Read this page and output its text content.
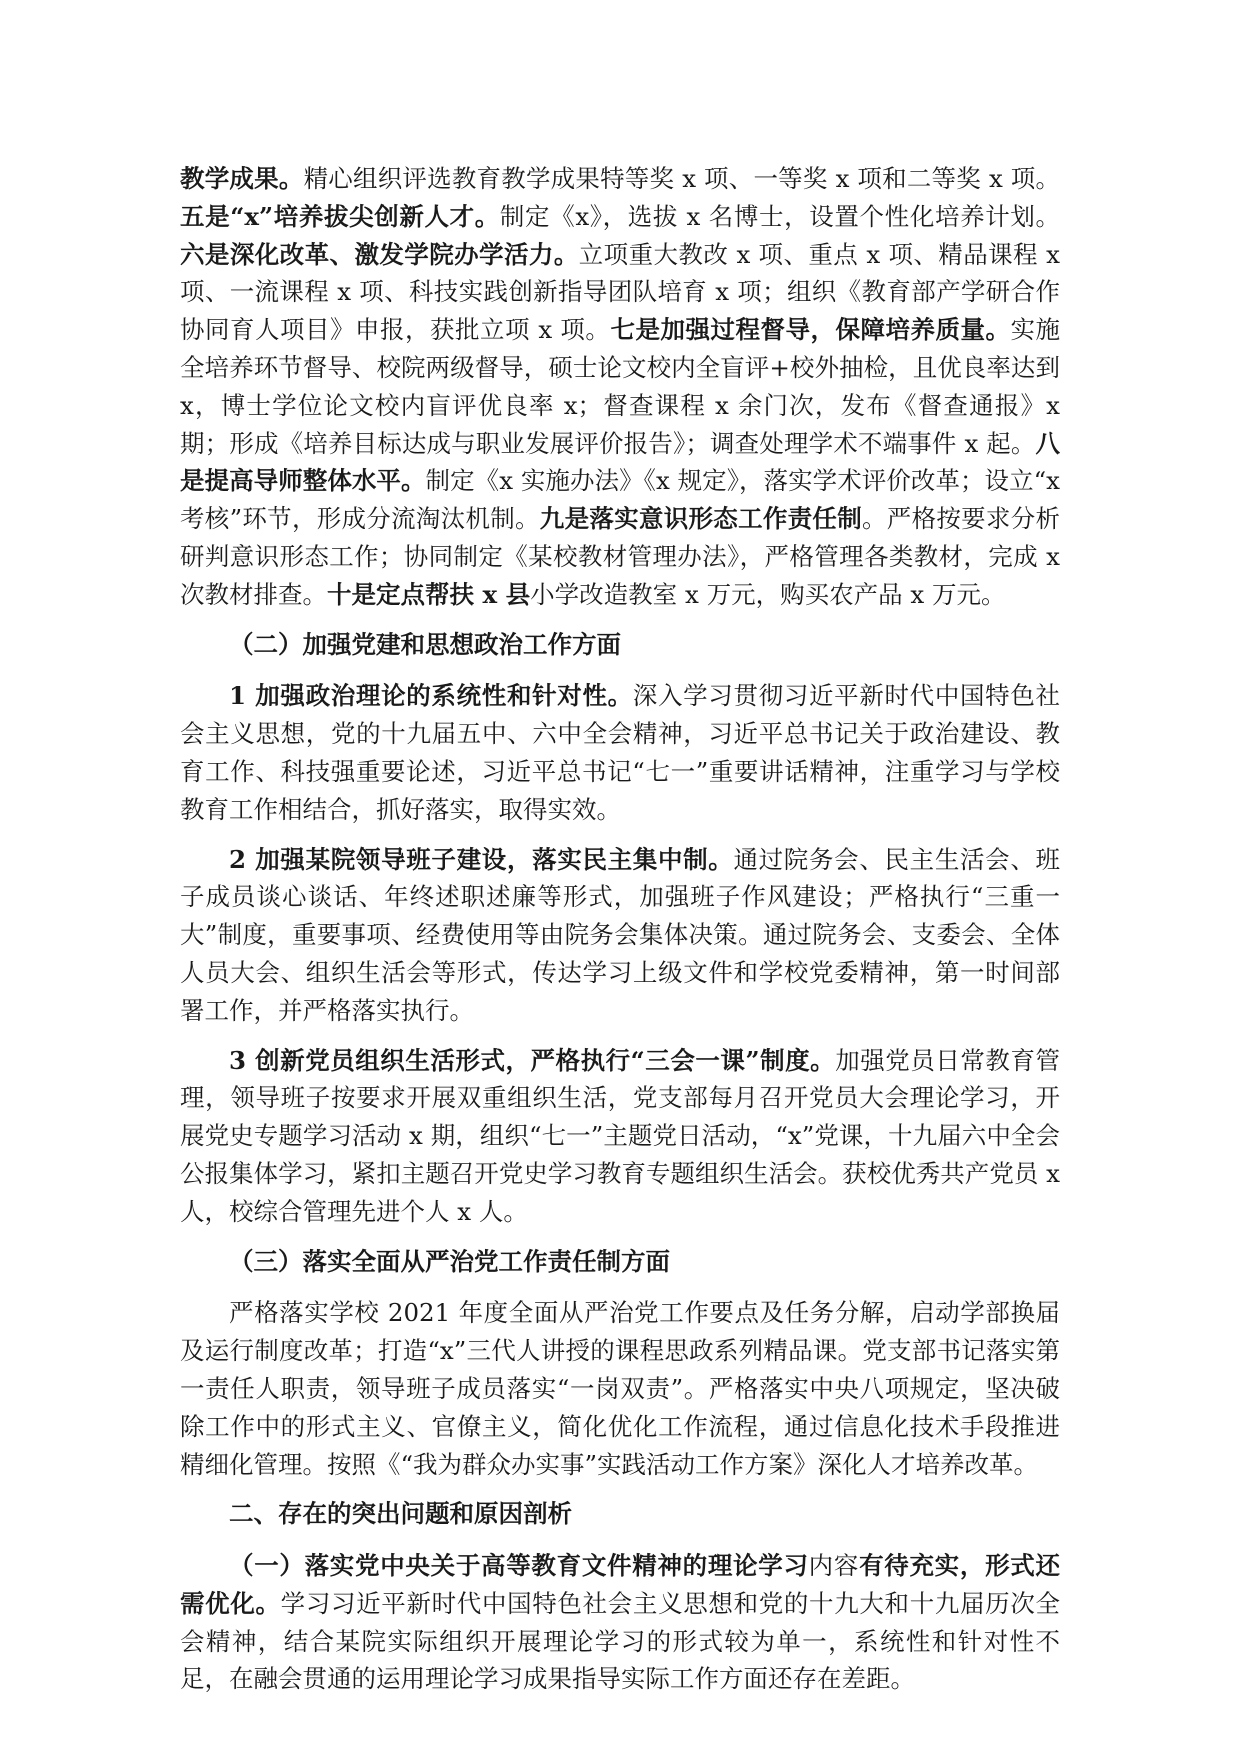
教学成果。精心组织评选教育教学成果特等奖 x 项、一等奖 x 项和二等奖 x 项。五是“x”培养拔尖创新人才。制定《x》，选拔 x 名博士，设置个性化培养计划。六是深化改革、激发学院办学活力。立项重大教改 x 项、重点 x 项、精品课程 x 项、一流课程 x 项、科技实践创新指导团队培育 x 项；组织《教育部产学研合作协同育人项目》申报，获批立项 x 项。七是加强过程督导，保障培养质量。实施全培养环节督导、校院两级督导，硕士论文校内全盲评+校外抽检，且优良率达到 x，博士学位论文校内盲评优良率 x；督查课程 x 余门次，发布《督查通报》x 期；形成《培养目标达成与职业发展评价报告》；调查处理学术不端事件 x 起。八是提高导师整体水平。制定《x 实施办法》《x 规定》，落实学术评价改革；设立“x 考核”环节，形成分流淘汰机制。九是落实意识形态工作责任制。严格按要求分析研判意识形态工作；协同制定《某校教材管理办法》，严格管理各类教材，完成 x 次教材排查。十是定点帮扶 x 县小学改造教室 x 万元，购买农产品 x 万元。

（二）加强党建和思想政治工作方面

1 加强政治理论的系统性和针对性。深入学习贯彻习近平新时代中国特色社会主义思想，党的十九届五中、六中全会精神，习近平总书记关于政治建设、教育工作、科技强重要论述，习近平总书记“七一”重要讲话精神，注重学习与学校教育工作相结合，抓好落实，取得实效。

2 加强某院领导班子建设，落实民主集中制。通过院务会、民主生活会、班子成员谈心谈话、年终述职述廉等形式，加强班子作风建设；严格执行“三重一大”制度，重要事项、经费使用等由院务会集体决策。通过院务会、支委会、全体人员大会、组织生活会等形式，传达学习上级文件和学校党委精神，第一时间部署工作，并严格落实执行。

3 创新党员组织生活形式，严格执行“三会一课”制度。加强党员日常教育管理，领导班子按要求开展双重组织生活，党支部每月召开党员大会理论学习，开展党史专题学习活动 x 期，组织“七一”主题党日活动，“x”党课，十九届六中全会公报集体学习，紧扣主题召开党史学习教育专题组织生活会。获校优秀共产党员 x 人，校综合管理先进个人 x 人。

（三）落实全面从严治党工作责任制方面

严格落实学校 2021 年度全面从严治党工作要点及任务分解，启动学部换届及运行制度改革；打造“x”三代人讲授的课程思政系列精品课。党支部书记落实第一责任人职责，领导班子成员落实“一岗双责”。严格落实中央八项规定，坚决破除工作中的形式主义、官僚主义，简化优化工作流程，通过信息化技术手段推进精细化管理。按照《“我为群众办实事”实践活动工作方案》深化人才培养改革。

二、存在的突出问题和原因剖析

（一）落实党中央关于高等教育文件精神的理论学习内容有待充实，形式还需优化。学习习近平新时代中国特色社会主义思想和党的十九大和十九届历次全会精神，结合某院实际组织开展理论学习的形式较为单一，系统性和针对性不足，在融会贯通的运用理论学习成果指导实际工作方面还存在差距。
